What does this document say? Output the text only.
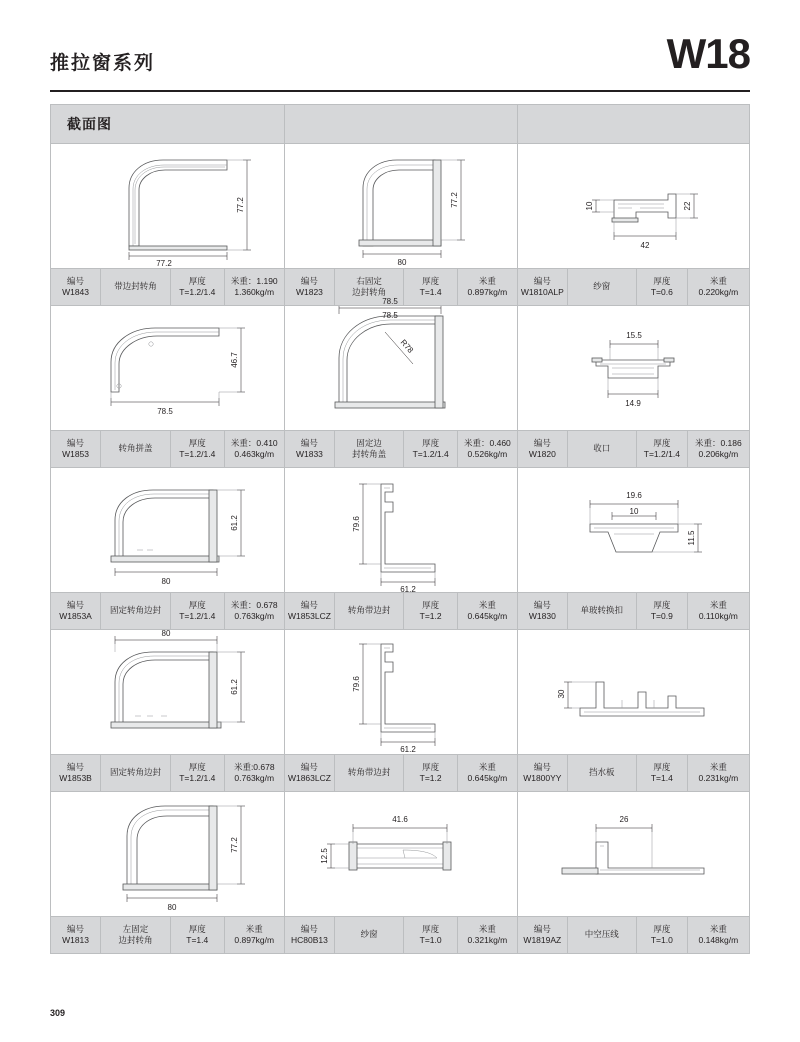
推拉窗系列	W18
截面图
77.2
77.2
编号
W1843
带边封转角
厚度
T=1.2/1.4
米重：1.190
1.360kg/m
80
77.2
编号
W1823
右固定
边封转角
厚度
T=1.4
米重
0.897kg/m
10	22
42
编号
W1810ALP
纱窗
厚度
T=0.6
米重
0.220kg/m
78.5
46.7
编号
W1853
转角拼盖
厚度
T=1.2/1.4
米重：0.410
0.463kg/m
78.5
R78
78.5
编号
W1833
固定边
封转角盖
厚度
T=1.2/1.4
米重：0.460
0.526kg/m
15.5
14.9
编号
W1820
收口
厚度
T=1.2/1.4
米重：0.186
0.206kg/m
80
61.2
编号
W1853A
固定转角边封
厚度
T=1.2/1.4
米重：0.678
0.763kg/m
79.6
61.2
编号
W1853LCZ
转角带边封
厚度
T=1.2
米重
0.645kg/m
19.6
10
11.5
编号
W1830
单玻转换扣
厚度
T=0.9
米重
0.110kg/m
80
61.2
编号
W1853B
固定转角边封
厚度
T=1.2/1.4
米重:0.678
0.763kg/m
79.6
61.2
编号
W1863LCZ
转角带边封
厚度
T=1.2
米重
0.645kg/m
30
编号
W1800YY
挡水板
厚度
T=1.4
米重
0.231kg/m
80
77.2
编号
W1813
左固定
边封转角
厚度
T=1.4
米重
0.897kg/m
41.6
12.5
编号
HC80B13
纱窗
厚度
T=1.0
米重
0.321kg/m
26
编号
W1819AZ
中空压线
厚度
T=1.0
米重
0.148kg/m
309
